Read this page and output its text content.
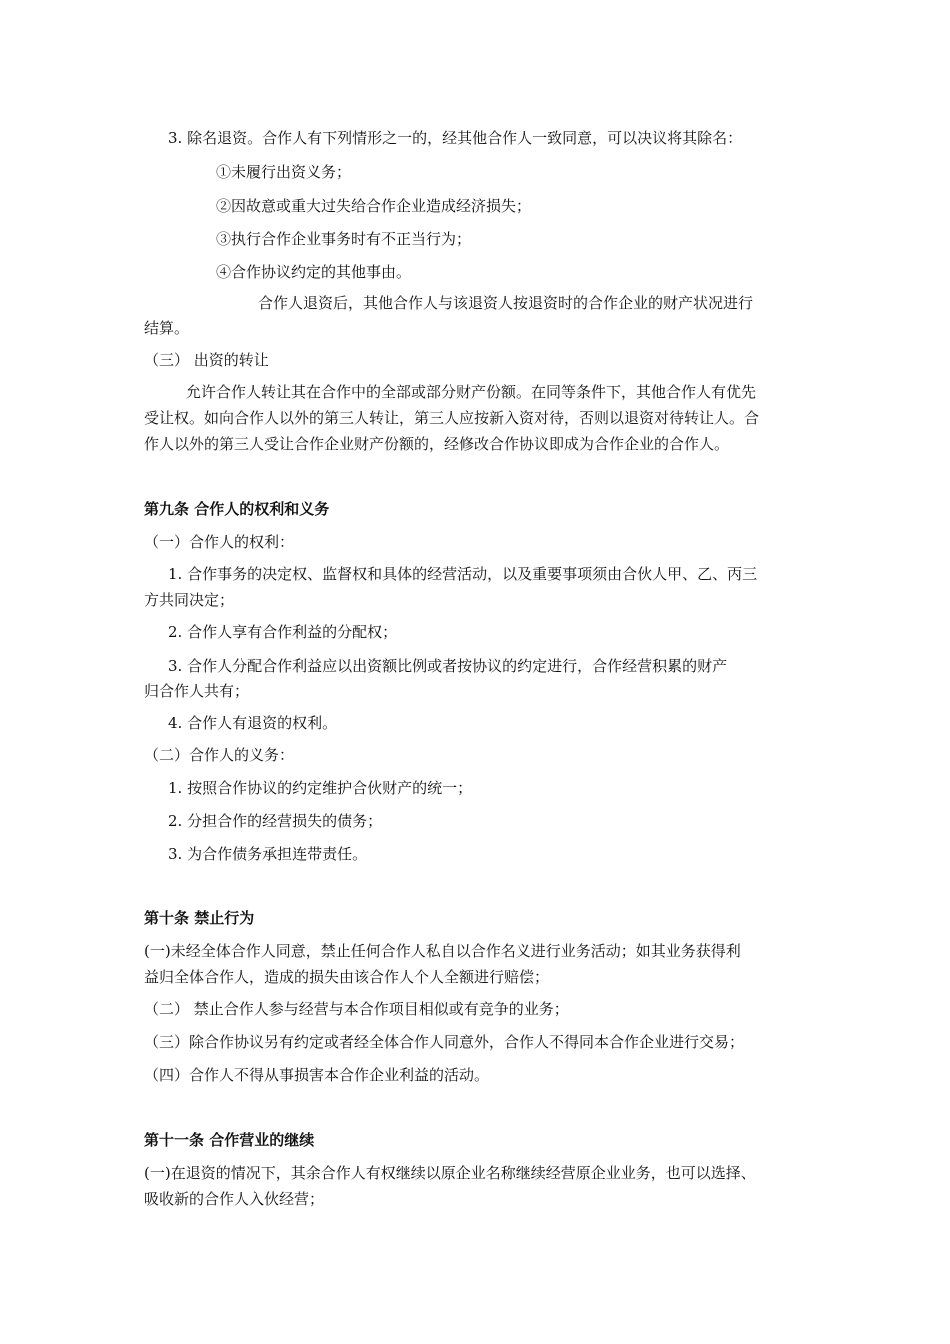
3. 除名退资。合作人有下列情形之一的，经其他合作人一致同意，可以决议将其除名：
①未履行出资义务；
②因故意或重大过失给合作企业造成经济损失；
③执行合作企业事务时有不正当行为；
④合作协议约定的其他事由。
合作人退资后，其他合作人与该退资人按退资时的合作企业的财产状况进行
结算。
（三） 出资的转让
允许合作人转让其在合作中的全部或部分财产份额。在同等条件下，其他合作人有优先
受让权。如向合作人以外的第三人转让，第三人应按新入资对待，否则以退资对待转让人。合
作人以外的第三人受让合作企业财产份额的，经修改合作协议即成为合作企业的合作人。
第九条 合作人的权利和义务
（一）合作人的权利：
1. 合作事务的决定权、监督权和具体的经营活动，以及重要事项须由合伙人甲、乙、丙三
方共同决定；
2. 合作人享有合作利益的分配权；
3. 合作人分配合作利益应以出资额比例或者按协议的约定进行，合作经营积累的财产
归合作人共有；
4. 合作人有退资的权利。
（二）合作人的义务：
1. 按照合作协议的约定维护合伙财产的统一；
2. 分担合作的经营损失的债务；
3. 为合作债务承担连带责任。
第十条 禁止行为
(一)未经全体合作人同意，禁止任何合作人私自以合作名义进行业务活动；如其业务获得利
益归全体合作人，造成的损失由该合作人个人全额进行赔偿；
（二） 禁止合作人参与经营与本合作项目相似或有竞争的业务；
（三）除合作协议另有约定或者经全体合作人同意外，合作人不得同本合作企业进行交易；
（四）合作人不得从事损害本合作企业利益的活动。
第十一条 合作营业的继续
(一)在退资的情况下，其余合作人有权继续以原企业名称继续经营原企业业务，也可以选择、
吸收新的合作人入伙经营；
